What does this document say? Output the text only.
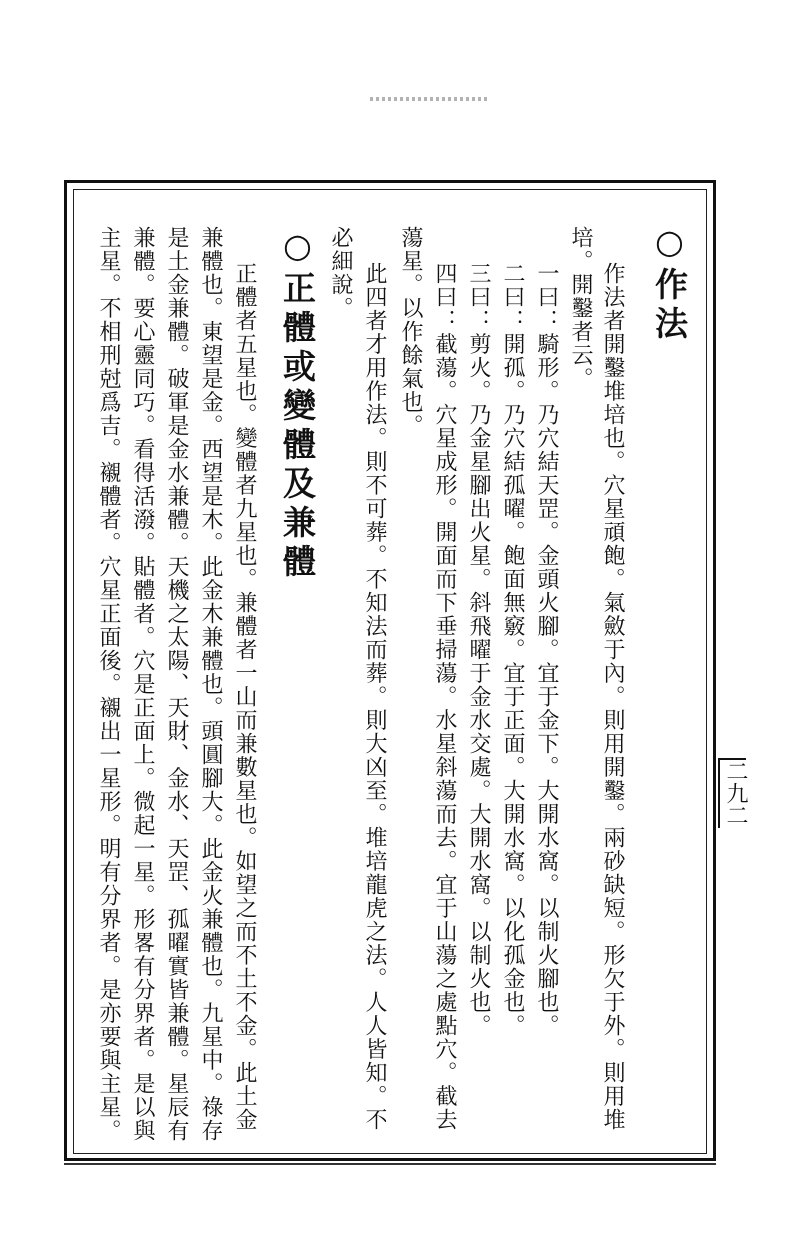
二九二
○作法
作法者開鑿堆培也。穴星頑飽。氣斂于內。則用開鑿。兩砂缺短。形欠于外。則用堆
培。開鑿者云。
一曰：騎形。乃穴結天罡。金頭火腳。宜于金下。大開水窩。以制火腳也。
二曰：開孤。乃穴結孤曜。飽面無竅。宜于正面。大開水窩。以化孤金也。
三曰：剪火。乃金星腳出火星。斜飛曜于金水交處。大開水窩。以制火也。
四曰：截蕩。穴星成形。開面而下垂掃蕩。水星斜蕩而去。宜于山蕩之處點穴。截去
蕩星。以作餘氣也。
此四者才用作法。則不可葬。不知法而葬。則大凶至。堆培龍虎之法。人人皆知。不
必細說。
○正體或變體及兼體
正體者五星也。變體者九星也。兼體者一山而兼數星也。如望之而不土不金。此土金
兼體也。東望是金。西望是木。此金木兼體也。頭圓腳大。此金火兼體也。九星中。祿存
是土金兼體。破軍是金水兼體。天機之太陽、天財、金水、天罡、孤曜實皆兼體。星辰有
兼體。要心靈同巧。看得活潑。貼體者。穴是正面上。微起一星。形畧有分界者。是以與
主星。不相刑尅爲吉。襯體者。穴星正面後。襯出一星形。明有分界者。是亦要與主星。
